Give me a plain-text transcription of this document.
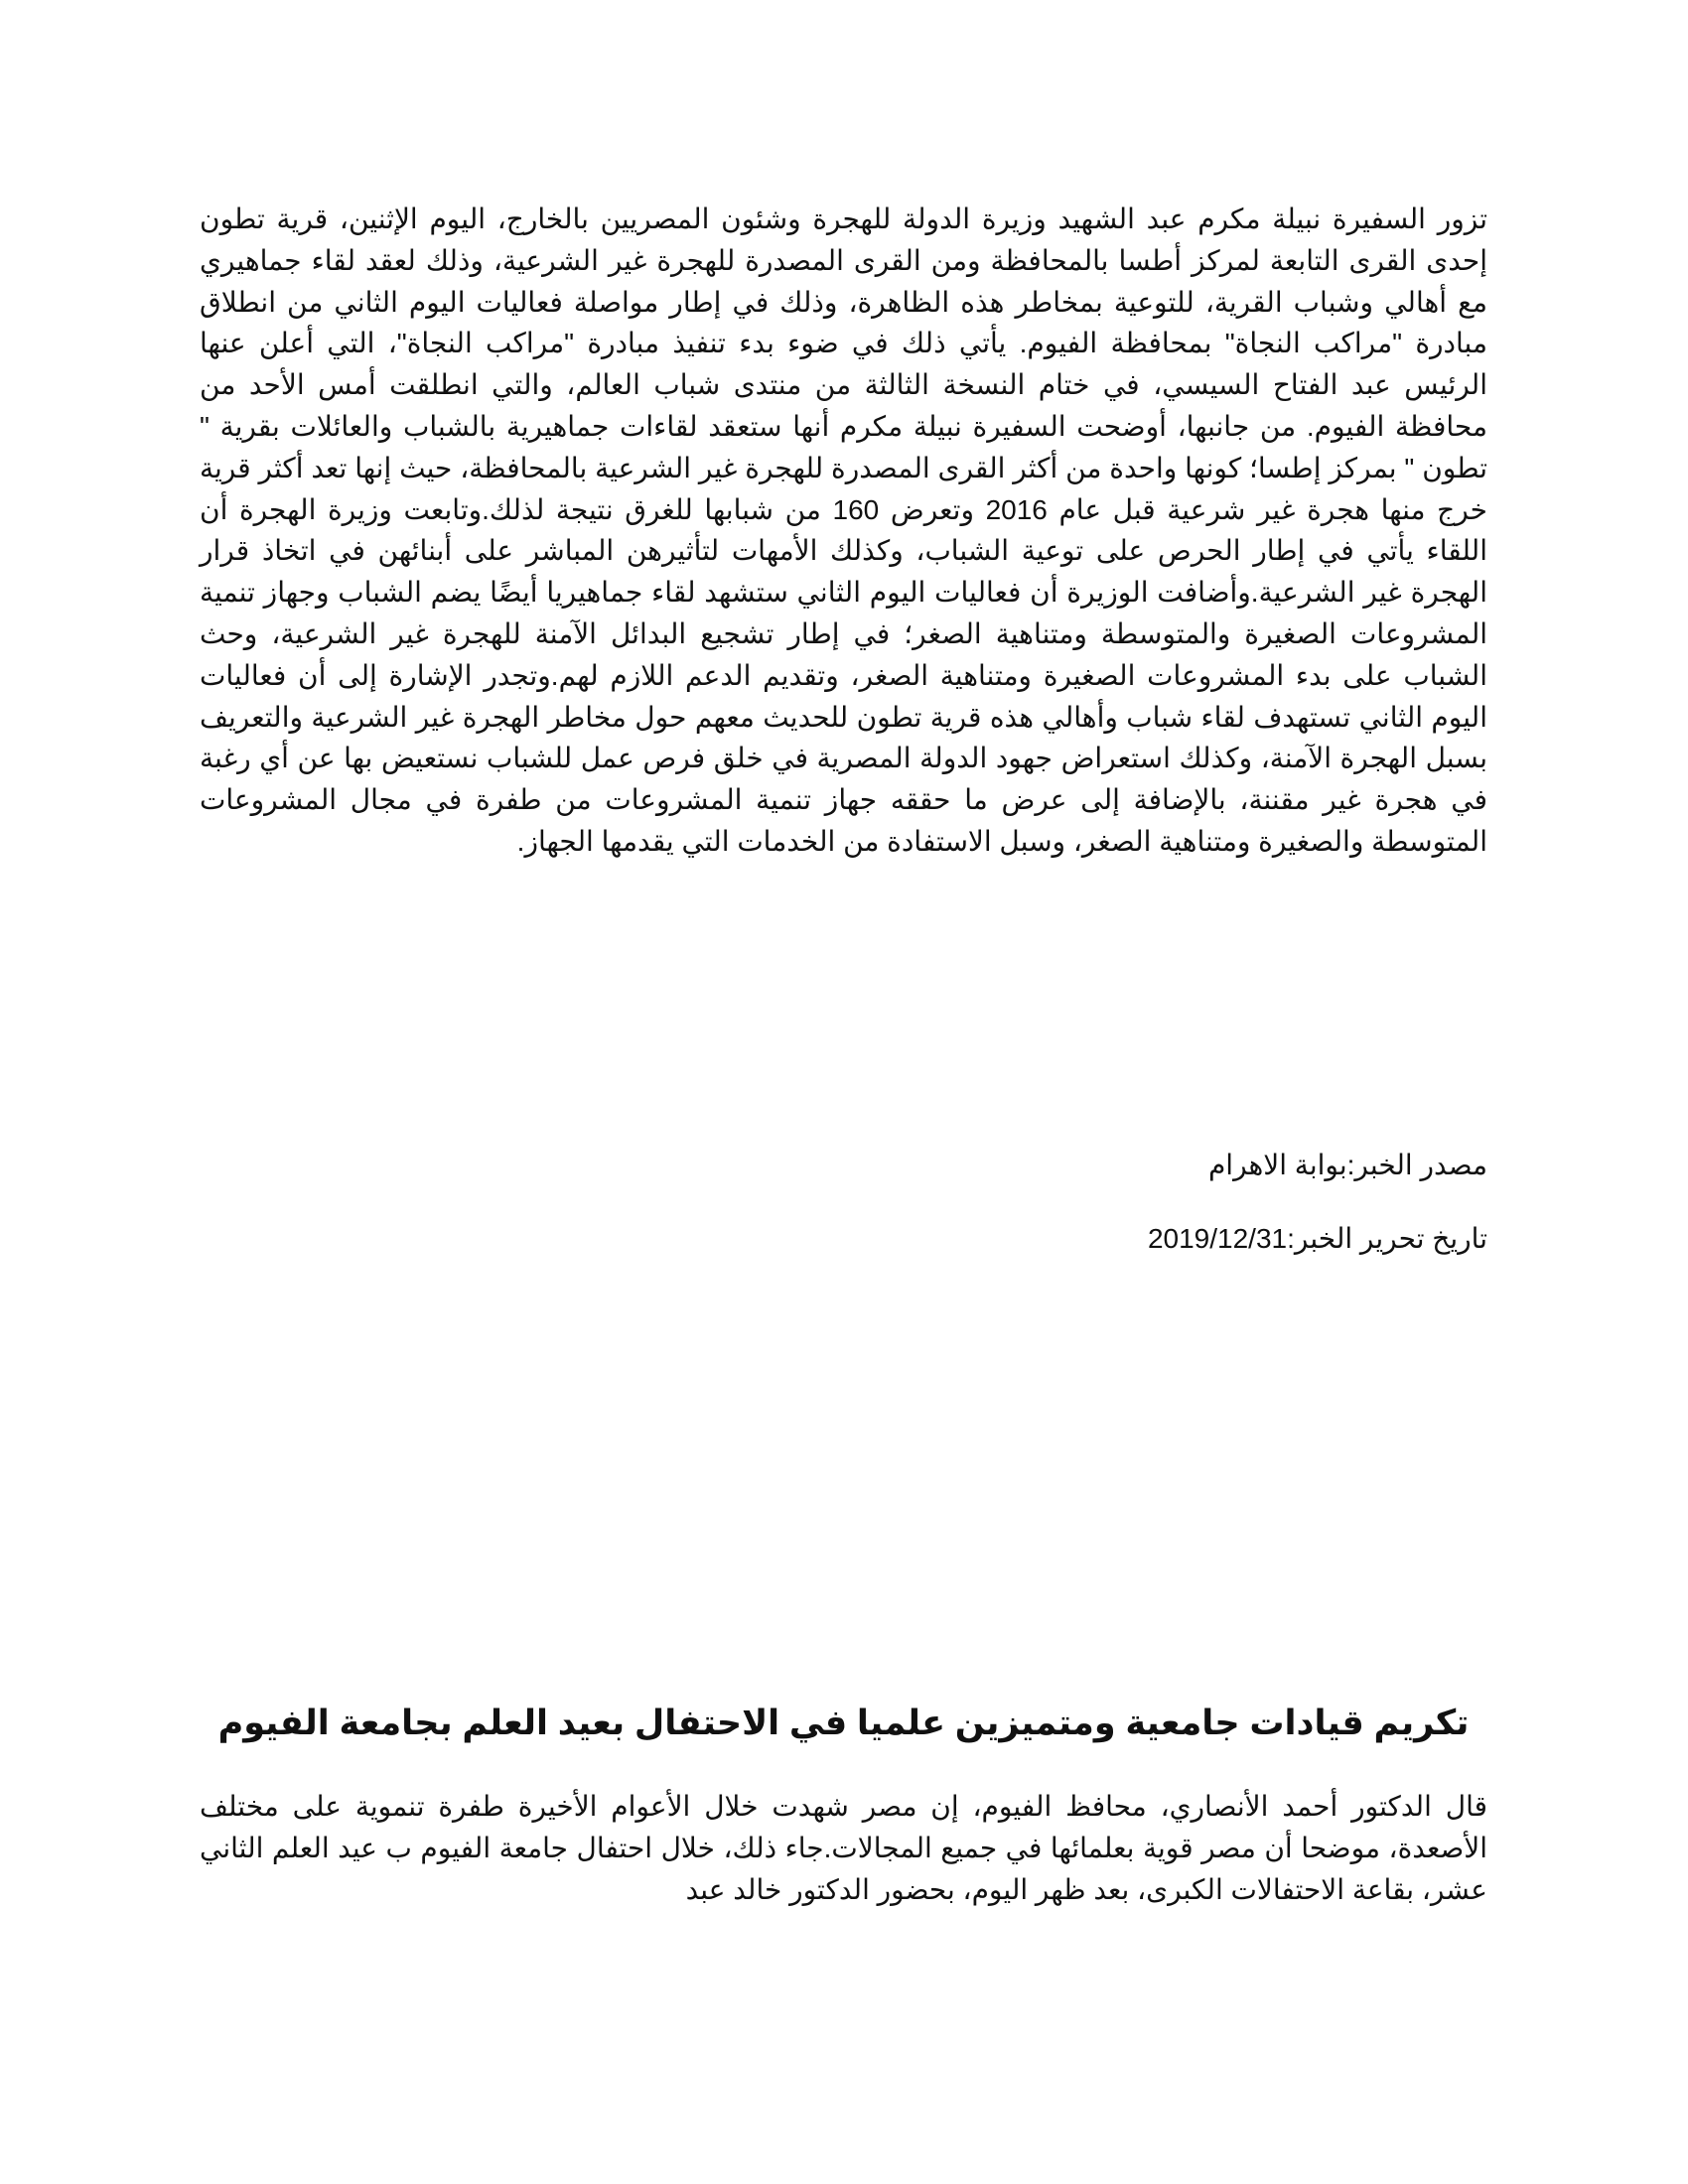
تزور السفيرة نبيلة مكرم عبد الشهيد وزيرة الدولة للهجرة وشئون المصريين بالخارج، اليوم الإثنين، قرية تطون إحدى القرى التابعة لمركز أطسا بالمحافظة ومن القرى المصدرة للهجرة غير الشرعية، وذلك لعقد لقاء جماهيري مع أهالي وشباب القرية، للتوعية بمخاطر هذه الظاهرة، وذلك في إطار مواصلة فعاليات اليوم الثاني من انطلاق مبادرة "مراكب النجاة" بمحافظة الفيوم. يأتي ذلك في ضوء بدء تنفيذ مبادرة "مراكب النجاة"، التي أعلن عنها الرئيس عبد الفتاح السيسي، في ختام النسخة الثالثة من منتدى شباب العالم، والتي انطلقت أمس الأحد من محافظة الفيوم. من جانبها، أوضحت السفيرة نبيلة مكرم أنها ستعقد لقاءات جماهيرية بالشباب والعائلات بقرية " تطون " بمركز إطسا؛ كونها واحدة من أكثر القرى المصدرة للهجرة غير الشرعية بالمحافظة، حيث إنها تعد أكثر قرية خرج منها هجرة غير شرعية قبل عام 2016 وتعرض 160 من شبابها للغرق نتيجة لذلك.وتابعت وزيرة الهجرة أن اللقاء يأتي في إطار الحرص على توعية الشباب، وكذلك الأمهات لتأثيرهن المباشر على أبنائهن في اتخاذ قرار الهجرة غير الشرعية.وأضافت الوزيرة أن فعاليات اليوم الثاني ستشهد لقاء جماهيريا أيضًا يضم الشباب وجهاز تنمية المشروعات الصغيرة والمتوسطة ومتناهية الصغر؛ في إطار تشجيع البدائل الآمنة للهجرة غير الشرعية، وحث الشباب على بدء المشروعات الصغيرة ومتناهية الصغر، وتقديم الدعم اللازم لهم.وتجدر الإشارة إلى أن فعاليات اليوم الثاني تستهدف لقاء شباب وأهالي هذه قرية تطون للحديث معهم حول مخاطر الهجرة غير الشرعية والتعريف بسبل الهجرة الآمنة، وكذلك استعراض جهود الدولة المصرية في خلق فرص عمل للشباب نستعيض بها عن أي رغبة في هجرة غير مقننة، بالإضافة إلى عرض ما حققه جهاز تنمية المشروعات من طفرة في مجال المشروعات المتوسطة والصغيرة ومتناهية الصغر، وسبل الاستفادة من الخدمات التي يقدمها الجهاز.

مصدر الخبر:بوابة الاهرام

تاريخ تحرير الخبر:2019/12/31

تكريم قيادات جامعية ومتميزين علميا في الاحتفال بعيد العلم بجامعة الفيوم

قال الدكتور أحمد الأنصاري، محافظ الفيوم، إن مصر شهدت خلال الأعوام الأخيرة طفرة تنموية على مختلف الأصعدة، موضحا أن مصر قوية بعلمائها في جميع المجالات.جاء ذلك، خلال احتفال جامعة الفيوم ب عيد العلم الثاني عشر، بقاعة الاحتفالات الكبرى، بعد ظهر اليوم، بحضور الدكتور خالد عبد
